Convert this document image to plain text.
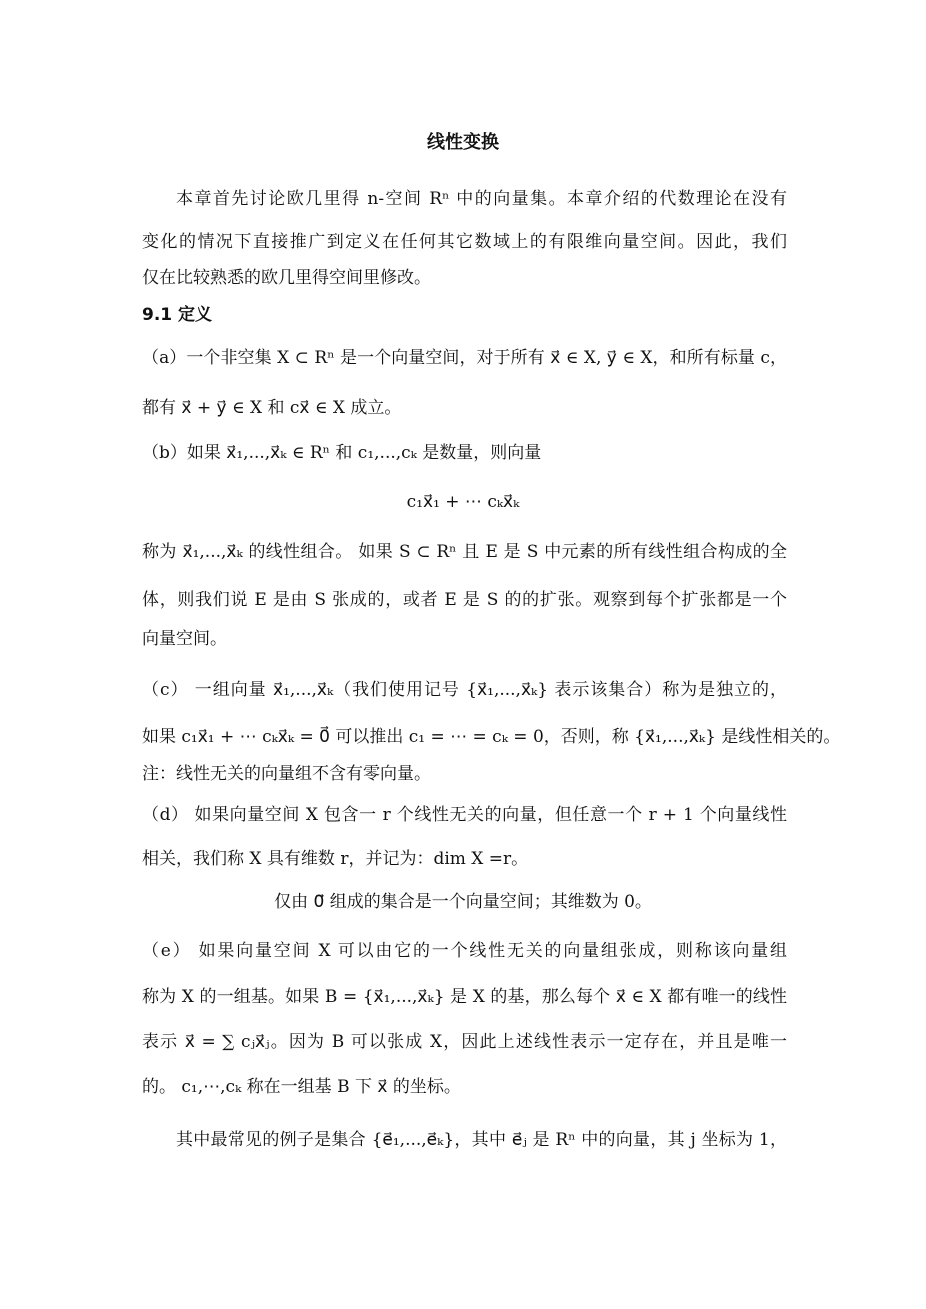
线性变换
本章首先讨论欧几里得 n-空间 Rⁿ 中的向量集。本章介绍的代数理论在没有
变化的情况下直接推广到定义在任何其它数域上的有限维向量空间。因此，我们
仅在比较熟悉的欧几里得空间里修改。
9.1 定义
（a）一个非空集 X ⊂ Rⁿ 是一个向量空间，对于所有 x⃗ ∈ X, y⃗ ∈ X，和所有标量 c，
都有 x⃗ + y⃗ ∈ X 和 cx⃗ ∈ X 成立。
（b）如果 x⃗₁,...,x⃗ₖ ∈ Rⁿ 和 c₁,...,cₖ 是数量，则向量
c₁x⃗₁ + ⋯ cₖx⃗ₖ
称为 x⃗₁,...,x⃗ₖ 的线性组合。 如果 S ⊂ Rⁿ 且 E 是 S 中元素的所有线性组合构成的全
体，则我们说 E 是由 S 张成的，或者 E 是 S 的的扩张。观察到每个扩张都是一个
向量空间。
（c） 一组向量 x⃗₁,...,x⃗ₖ（我们使用记号 {x⃗₁,...,x⃗ₖ} 表示该集合）称为是独立的，
如果 c₁x⃗₁ + ⋯ cₖx⃗ₖ = 0⃗ 可以推出 c₁ = ⋯ = cₖ = 0，否则，称 {x⃗₁,...,x⃗ₖ} 是线性相关的。
注：线性无关的向量组不含有零向量。
（d） 如果向量空间 X 包含一 r 个线性无关的向量，但任意一个 r + 1 个向量线性
相关，我们称 X 具有维数 r，并记为：dim X =r。
仅由 0⃗ 组成的集合是一个向量空间；其维数为 0。
（e） 如果向量空间 X 可以由它的一个线性无关的向量组张成，则称该向量组
称为 X 的一组基。如果 B = {x⃗₁,...,x⃗ₖ} 是 X 的基，那么每个 x⃗ ∈ X 都有唯一的线性
表示 x⃗ = ∑ cⱼx⃗ⱼ。因为 B 可以张成 X，因此上述线性表示一定存在，并且是唯一
的。 c₁,⋯,cₖ 称在一组基 B 下 x⃗ 的坐标。
其中最常见的例子是集合 {e⃗₁,...,e⃗ₖ}，其中 e⃗ⱼ 是 Rⁿ 中的向量，其 j 坐标为 1，
